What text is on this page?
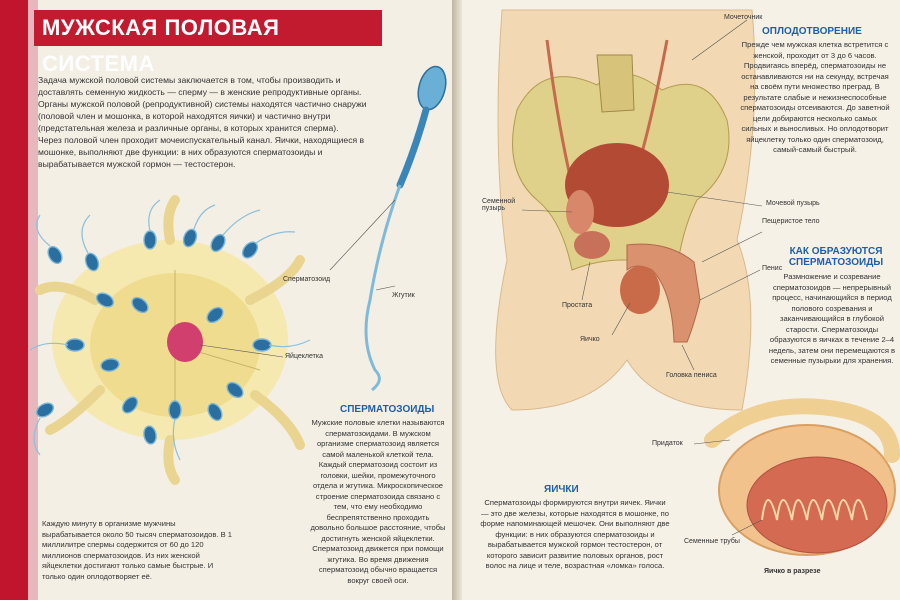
МУЖСКАЯ ПОЛОВАЯ СИСТЕМА

Задача мужской половой системы заключается в том, чтобы производить и доставлять семенную жидкость — сперму — в женские репродуктивные органы. Органы мужской половой (репродуктивной) системы находятся частично снаружи (половой член и мошонка, в которой находятся яички) и частично внутри (предстательная железа и различные органы, в которых хранится сперма).

Через половой член проходит мочеиспускательный канал. Яички, находящиеся в мошонке, выполняют две функции: в них образуются сперматозоиды и вырабатывается мужской гормон — тестостерон.

Сперматозоид
Жгутик
Яйцеклетка
СПЕРМАТОЗОИДЫ
Мужские половые клетки называются сперматозоидами. В мужском организме сперматозоид является самой маленькой клеткой тела. Каждый сперматозоид состоит из головки, шейки, промежуточного отдела и жгутика. Микроскопическое строение сперматозоида связано с тем, что ему необходимо беспрепятственно проходить довольно большое расстояние, чтобы достигнуть женской яйцеклетки. Сперматозоид движется при помощи жгутика. Во время движения сперматозоид обычно вращается вокруг своей оси.
Каждую минуту в организме мужчины вырабатывается около 50 тысяч сперматозоидов. В 1 миллилитре спермы содержится от 60 до 120 миллионов сперматозоидов. Из них женской яйцеклетки достигают только самые быстрые. И только один оплодотворяет её.
Мочеточник
Семенной пузырь
Мочевой пузырь
Пещеристое тело
Пенис
Простата
Яичко
Головка пениса
Придаток
Семенные трубы
Яичко в разрезе
ОПЛОДОТВОРЕНИЕ
Прежде чем мужская клетка встретится с женской, проходит от 3 до 6 часов. Продвигаясь вперёд, сперматозоиды не останавливаются ни на секунду, встречая на своём пути множество преград. В результате слабые и нежизнеспособные сперматозоиды отсеиваются. До заветной цели добираются несколько самых сильных и выносливых. Но оплодотворит яйцеклетку только один сперматозоид, самый-самый быстрый.
КАК ОБРАЗУЮТСЯ СПЕРМАТОЗОИДЫ
Размножение и созревание сперматозоидов — непрерывный процесс, начинающийся в период полового созревания и заканчивающийся в глубокой старости. Сперматозоиды образуются в яичках в течение 2–4 недель, затем они перемещаются в семенные пузырьки для хранения.
ЯИЧКИ
Сперматозоиды формируются внутри яичек. Яички — это две железы, которые находятся в мошонке, по форме напоминающей мешочек. Они выполняют две функции: в них образуются сперматозоиды и вырабатывается мужской гормон тестостерон, от которого зависит развитие половых органов, рост волос на лице и теле, возрастная «ломка» голоса.
